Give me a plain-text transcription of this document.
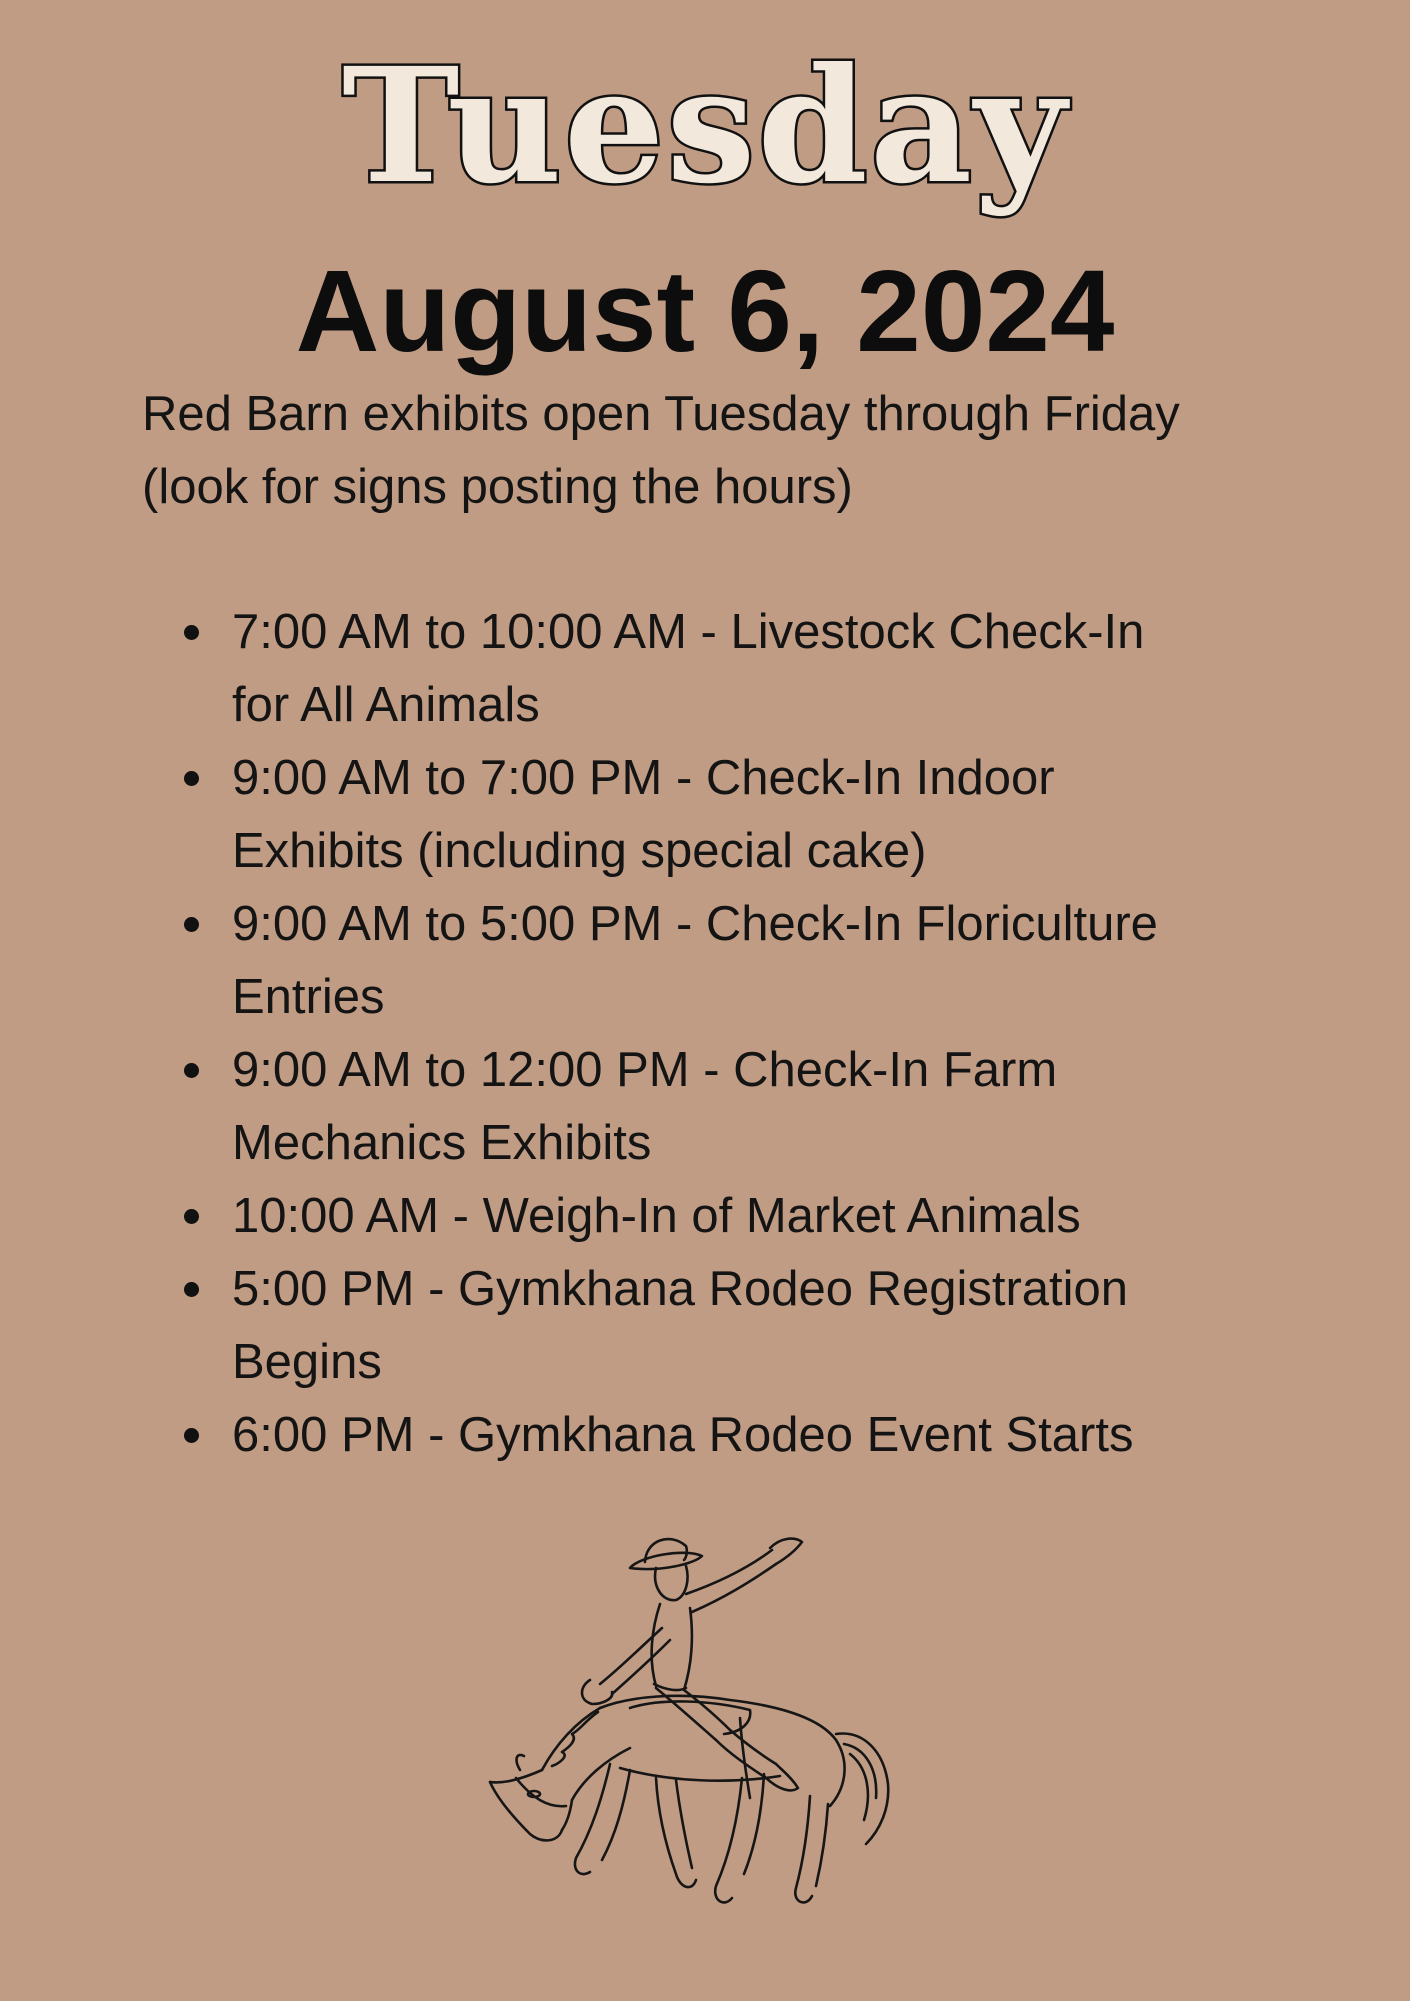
Tuesday
August 6, 2024
Red Barn exhibits open Tuesday through Friday
(look for signs posting the hours)
7:00 AM to 10:00 AM - Livestock Check-In
for All Animals
9:00 AM to 7:00 PM - Check-In Indoor
Exhibits (including special cake)
9:00 AM to 5:00 PM - Check-In Floriculture
Entries
9:00 AM to 12:00 PM - Check-In Farm
Mechanics Exhibits
10:00 AM - Weigh-In of Market Animals
5:00 PM - Gymkhana Rodeo Registration
Begins
6:00 PM - Gymkhana Rodeo Event Starts
